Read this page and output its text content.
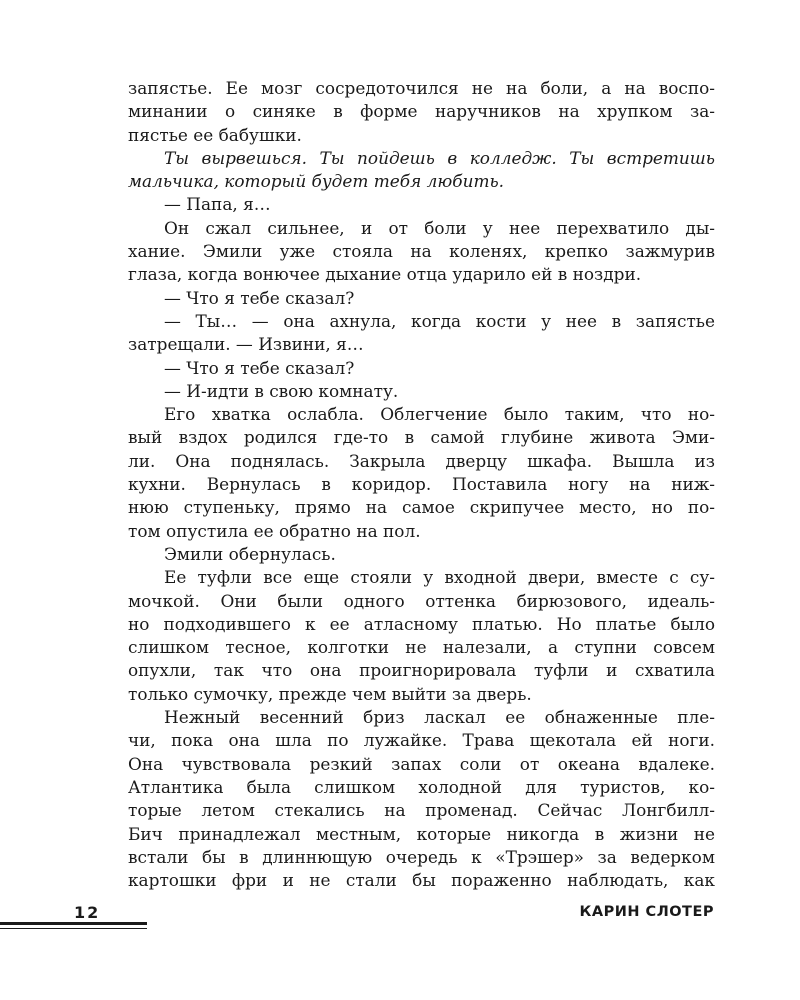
запястье. Ее мозг сосредоточился не на боли, а на воспо-
минании о синяке в форме наручников на хрупком за-
пястье ее бабушки.
Ты вырвешься. Ты пойдешь в колледж. Ты встретишь
мальчика, который будет тебя любить.
— Папа, я…
Он сжал сильнее, и от боли у нее перехватило ды-
хание. Эмили уже стояла на коленях, крепко зажмурив
глаза, когда вонючее дыхание отца ударило ей в ноздри.
— Что я тебе сказал?
— Ты… — она ахнула, когда кости у нее в запястье
затрещали. — Извини, я…
— Что я тебе сказал?
— И-идти в свою комнату.
Его хватка ослабла. Облегчение было таким, что но-
вый вздох родился где-то в самой глубине живота Эми-
ли. Она поднялась. Закрыла дверцу шкафа. Вышла из
кухни. Вернулась в коридор. Поставила ногу на ниж-
нюю ступеньку, прямо на самое скрипучее место, но по-
том опустила ее обратно на пол.
Эмили обернулась.
Ее туфли все еще стояли у входной двери, вместе с су-
мочкой. Они были одного оттенка бирюзового, идеаль-
но подходившего к ее атласному платью. Но платье было
слишком тесное, колготки не налезали, а ступни совсем
опухли, так что она проигнорировала туфли и схватила
только сумочку, прежде чем выйти за дверь.
Нежный весенний бриз ласкал ее обнаженные пле-
чи, пока она шла по лужайке. Трава щекотала ей ноги.
Она чувствовала резкий запах соли от океана вдалеке.
Атлантика была слишком холодной для туристов, ко-
торые летом стекались на променад. Сейчас Лонгбилл-
Бич принадлежал местным, которые никогда в жизни не
встали бы в длиннющую очередь к «Трэшер» за ведерком
картошки фри и не стали бы пораженно наблюдать, как
12	КАРИН СЛОТЕР
